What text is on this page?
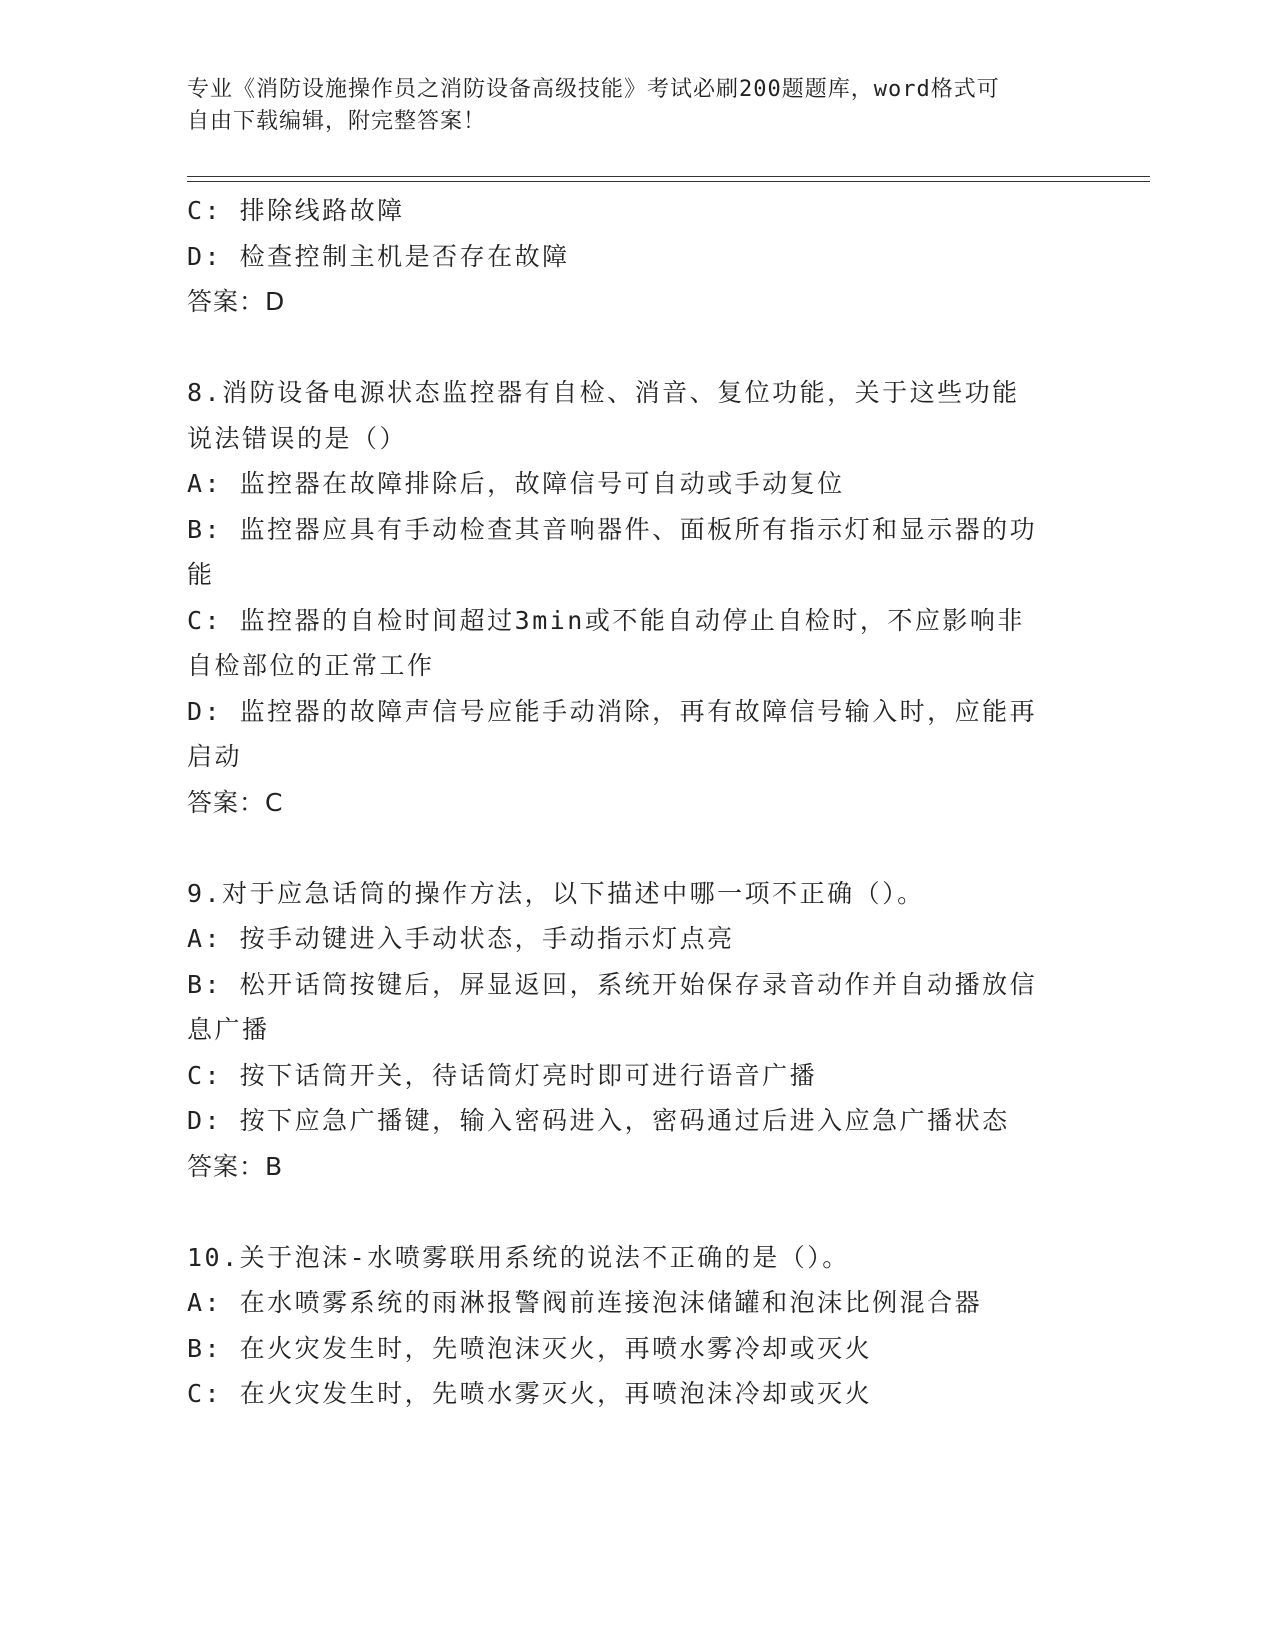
专业《消防设施操作员之消防设备高级技能》考试必刷200题题库，word格式可
自由下载编辑，附完整答案！
C: 排除线路故障
D: 检查控制主机是否存在故障
答案：D
8.消防设备电源状态监控器有自检、消音、复位功能，关于这些功能
说法错误的是（）
A: 监控器在故障排除后，故障信号可自动或手动复位
B: 监控器应具有手动检查其音响器件、面板所有指示灯和显示器的功
能
C: 监控器的自检时间超过3min或不能自动停止自检时，不应影响非
自检部位的正常工作
D: 监控器的故障声信号应能手动消除，再有故障信号输入时，应能再
启动
答案：C
9.对于应急话筒的操作方法，以下描述中哪一项不正确（）。
A: 按手动键进入手动状态，手动指示灯点亮
B: 松开话筒按键后，屏显返回，系统开始保存录音动作并自动播放信
息广播
C: 按下话筒开关，待话筒灯亮时即可进行语音广播
D: 按下应急广播键，输入密码进入，密码通过后进入应急广播状态
答案：B
10.关于泡沫-水喷雾联用系统的说法不正确的是（）。
A: 在水喷雾系统的雨淋报警阀前连接泡沫储罐和泡沫比例混合器
B: 在火灾发生时，先喷泡沫灭火，再喷水雾冷却或灭火
C: 在火灾发生时，先喷水雾灭火，再喷泡沫冷却或灭火
